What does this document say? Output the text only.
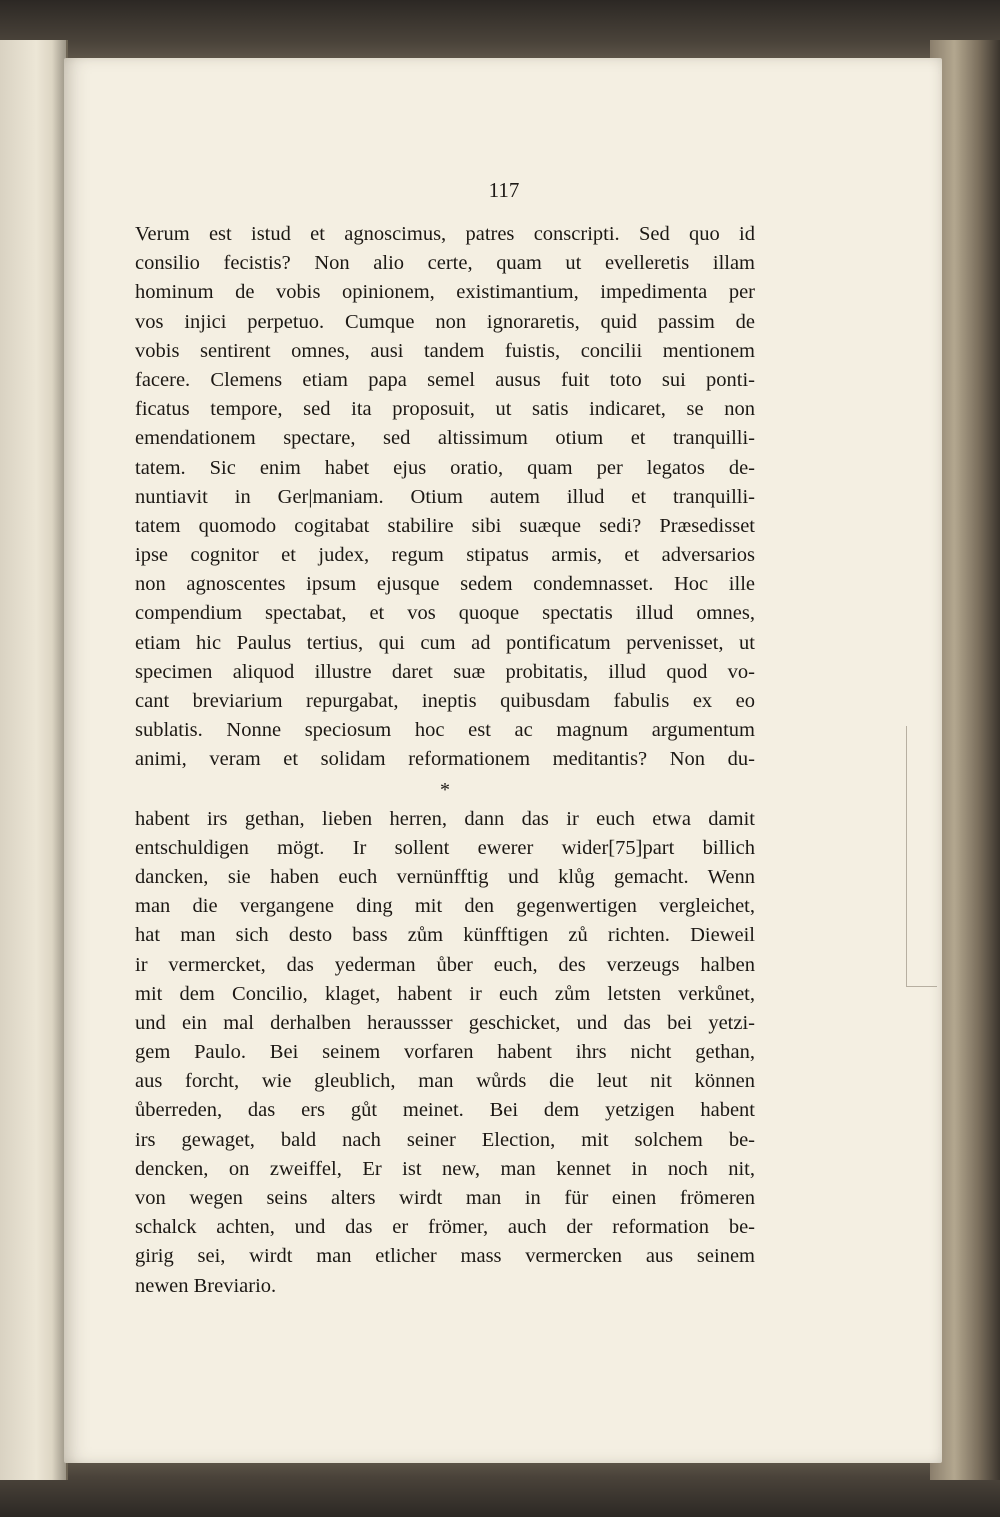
117
Verum est istud et agnoscimus, patres conscripti. Sed quo id
consilio fecistis? Non alio certe, quam ut evelleretis illam
hominum de vobis opinionem, existimantium, impedimenta per
vos injici perpetuo. Cumque non ignoraretis, quid passim de
vobis sentirent omnes, ausi tandem fuistis, concilii mentionem
facere. Clemens etiam papa semel ausus fuit toto sui ponti-
ficatus tempore, sed ita proposuit, ut satis indicaret, se non
emendationem spectare, sed altissimum otium et tranquilli-
tatem. Sic enim habet ejus oratio, quam per legatos de-
nuntiavit in Ger|maniam. Otium autem illud et tranquilli-
tatem quomodo cogitabat stabilire sibi suæque sedi? Præsedisset
ipse cognitor et judex, regum stipatus armis, et adversarios
non agnoscentes ipsum ejusque sedem condemnasset. Hoc ille
compendium spectabat, et vos quoque spectatis illud omnes,
etiam hic Paulus tertius, qui cum ad pontificatum pervenisset, ut
specimen aliquod illustre daret suæ probitatis, illud quod vo-
cant breviarium repurgabat, ineptis quibusdam fabulis ex eo
sublatis. Nonne speciosum hoc est ac magnum argumentum
animi, veram et solidam reformationem meditantis? Non du-
*
habent irs gethan, lieben herren, dann das ir euch etwa damit
entschuldigen mögt. Ir sollent ewerer wider[75]part billich
dancken, sie haben euch vernünfftig und klůg gemacht. Wenn
man die vergangene ding mit den gegenwertigen vergleichet,
hat man sich desto bass zům künfftigen zů richten. Dieweil
ir vermercket, das yederman ůber euch, des verzeugs halben
mit dem Concilio, klaget, habent ir euch zům letsten verkůnet,
und ein mal derhalben heraussser geschicket, und das bei yetzi-
gem Paulo. Bei seinem vorfaren habent ihrs nicht gethan,
aus forcht, wie gleublich, man wůrds die leut nit können
ůberreden, das ers gůt meinet. Bei dem yetzigen habent
irs gewaget, bald nach seiner Election, mit solchem be-
dencken, on zweiffel, Er ist new, man kennet in noch nit,
von wegen seins alters wirdt man in für einen frömeren
schalck achten, und das er frömer, auch der reformation be-
girig sei, wirdt man etlicher mass vermercken aus seinem
newen Breviario.
